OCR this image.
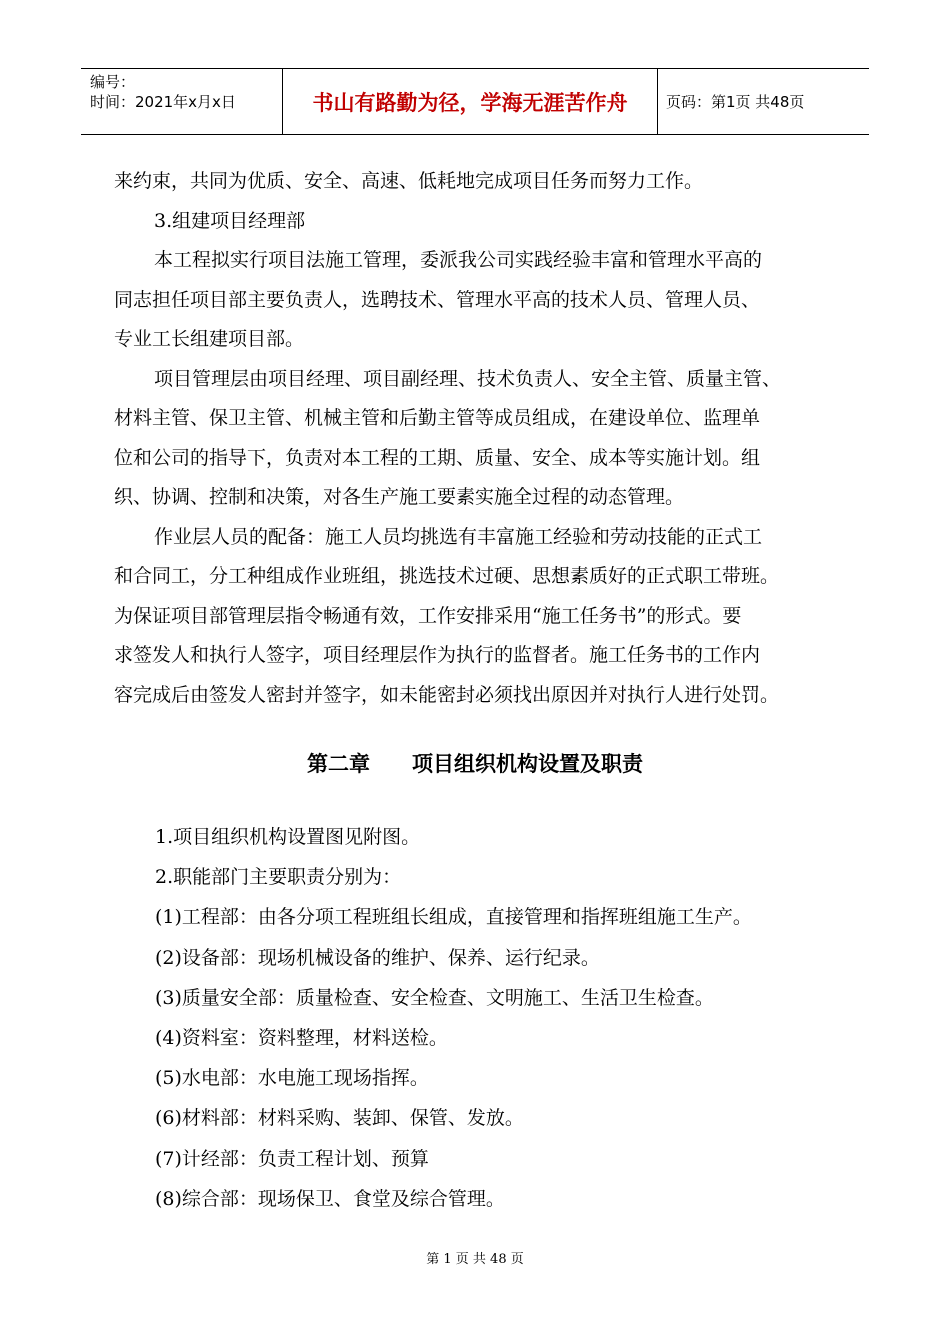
编号：
时间：2021年x月x日	书山有路勤为径，学海无涯苦作舟	页码：第1页 共48页

来约束，共同为优质、安全、高速、低耗地完成项目任务而努力工作。

3.组建项目经理部

本工程拟实行项目法施工管理，委派我公司实践经验丰富和管理水平高的

同志担任项目部主要负责人，选聘技术、管理水平高的技术人员、管理人员、

专业工长组建项目部。

项目管理层由项目经理、项目副经理、技术负责人、安全主管、质量主管、

材料主管、保卫主管、机械主管和后勤主管等成员组成，在建设单位、监理单

位和公司的指导下，负责对本工程的工期、质量、安全、成本等实施计划。组

织、协调、控制和决策，对各生产施工要素实施全过程的动态管理。

作业层人员的配备：施工人员均挑选有丰富施工经验和劳动技能的正式工

和合同工，分工种组成作业班组，挑选技术过硬、思想素质好的正式职工带班。

为保证项目部管理层指令畅通有效，工作安排采用“施工任务书”的形式。要

求签发人和执行人签字，项目经理层作为执行的监督者。施工任务书的工作内

容完成后由签发人密封并签字，如未能密封必须找出原因并对执行人进行处罚。

第二章 项目组织机构设置及职责

1.项目组织机构设置图见附图。

2.职能部门主要职责分别为：

(1)工程部：由各分项工程班组长组成，直接管理和指挥班组施工生产。

(2)设备部：现场机械设备的维护、保养、运行纪录。

(3)质量安全部：质量检查、安全检查、文明施工、生活卫生检查。

(4)资料室：资料整理，材料送检。

(5)水电部：水电施工现场指挥。

(6)材料部：材料采购、装卸、保管、发放。

(7)计经部：负责工程计划、预算

(8)综合部：现场保卫、食堂及综合管理。

第 1 页 共 48 页
